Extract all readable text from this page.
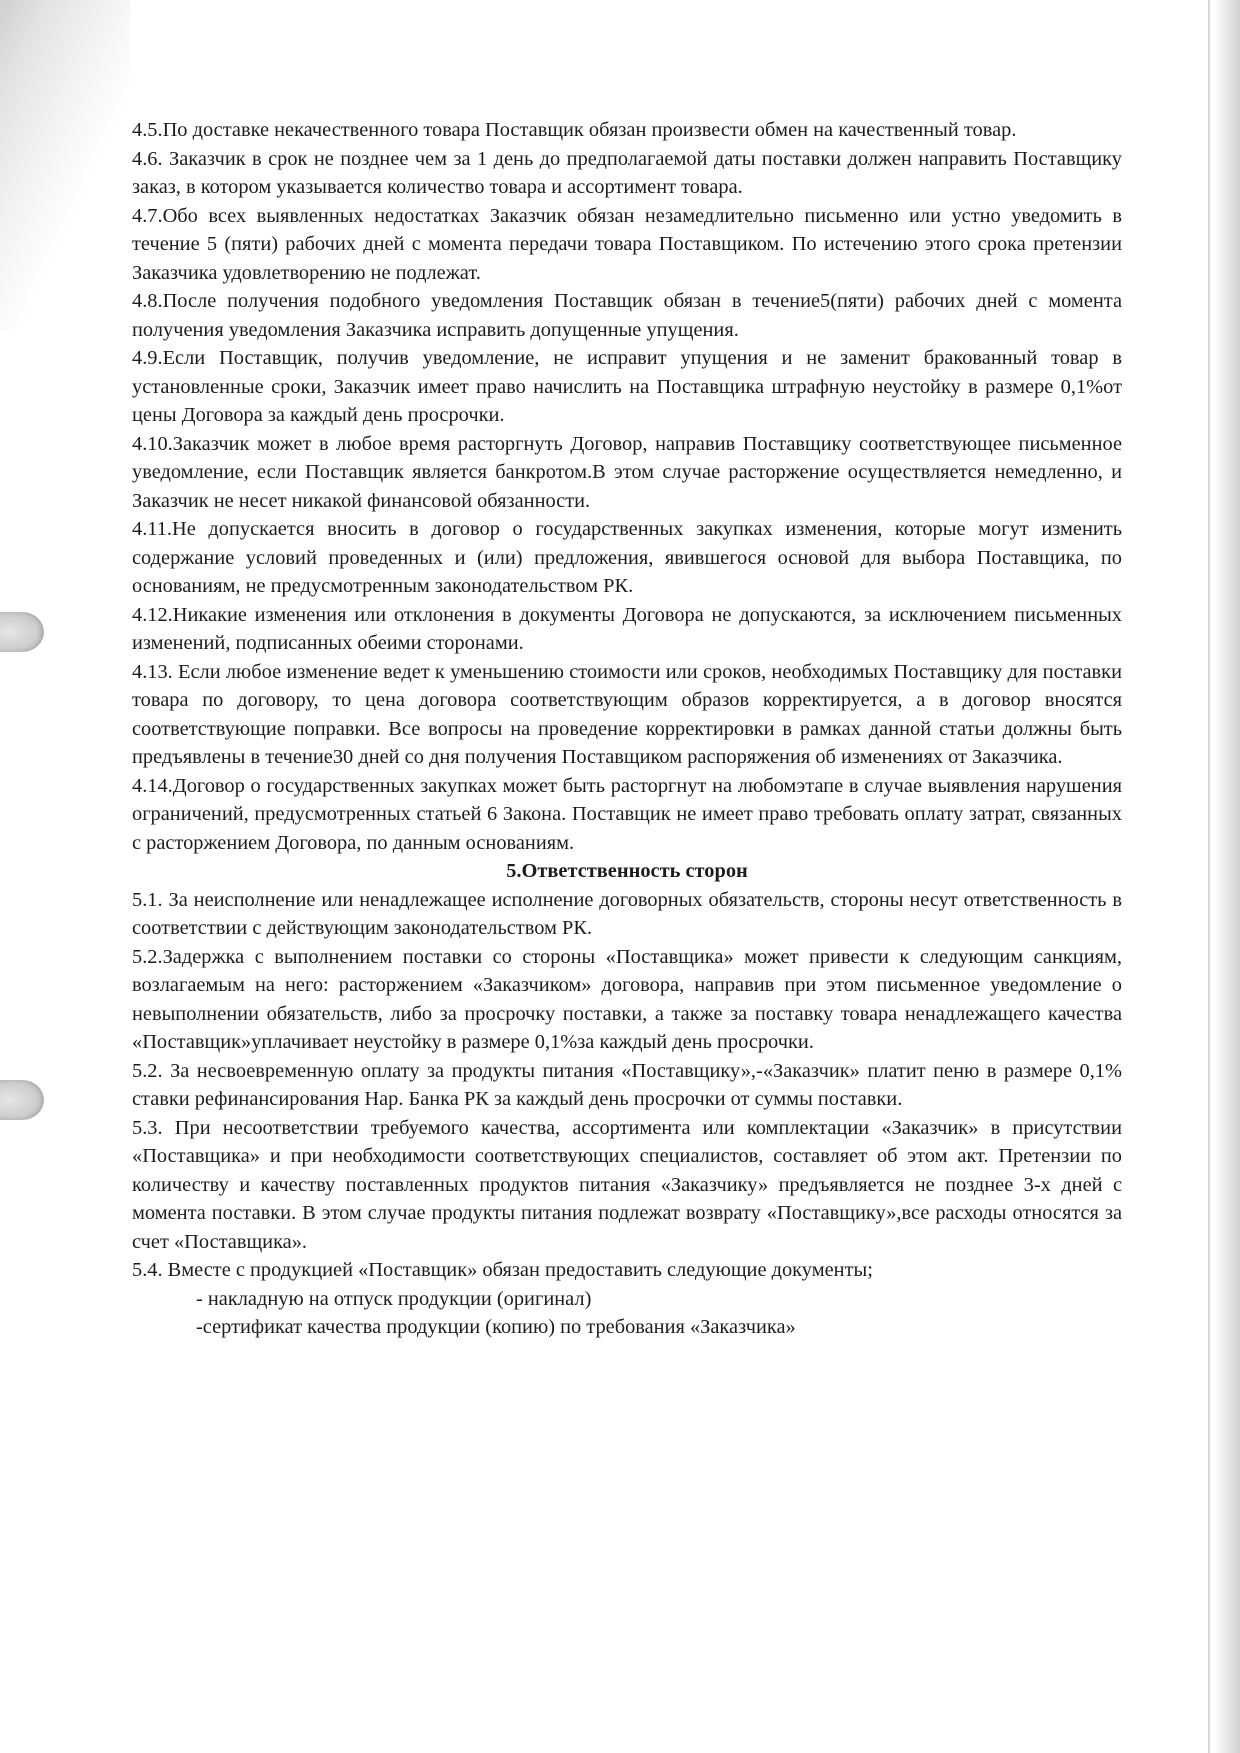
4.5.По доставке некачественного товара Поставщик обязан произвести обмен на качественный товар.

4.6. Заказчик в срок не позднее чем за 1 день до предполагаемой даты поставки должен направить Поставщику заказ, в котором указывается количество товара и ассортимент товара.

4.7.Обо всех выявленных недостатках Заказчик обязан незамедлительно письменно или устно уведомить в течение 5 (пяти) рабочих дней с момента передачи товара Поставщиком. По истечению этого срока претензии Заказчика удовлетворению не подлежат.

4.8.После получения подобного уведомления Поставщик обязан в течение5(пяти) рабочих дней с момента получения уведомления Заказчика исправить допущенные упущения.

4.9.Если Поставщик, получив уведомление, не исправит упущения и не заменит бракованный товар в установленные сроки, Заказчик имеет право начислить на Поставщика штрафную неустойку в размере 0,1%от цены Договора за каждый день просрочки.

4.10.Заказчик может в любое время расторгнуть Договор, направив Поставщику соответствующее письменное уведомление, если Поставщик является банкротом.В этом случае расторжение осуществляется немедленно, и Заказчик не несет никакой финансовой обязанности.

4.11.Не допускается вносить в договор о государственных закупках изменения, которые могут изменить содержание условий проведенных и (или) предложения, явившегося основой для выбора Поставщика, по основаниям, не предусмотренным законодательством РК.

4.12.Никакие изменения или отклонения в документы Договора не допускаются, за исключением письменных изменений, подписанных обеими сторонами.

4.13. Если любое изменение ведет к уменьшению стоимости или сроков, необходимых Поставщику для поставки товара по договору, то цена договора соответствующим образов корректируется, а в договор вносятся соответствующие поправки. Все вопросы на проведение корректировки в рамках данной статьи должны быть предъявлены в течение30 дней со дня получения Поставщиком распоряжения об изменениях от Заказчика.

4.14.Договор о государственных закупках может быть расторгнут на любомэтапе в случае выявления нарушения ограничений, предусмотренных статьей 6 Закона. Поставщик не имеет право требовать оплату затрат, связанных с расторжением Договора, по данным основаниям.

5.Ответственность сторон

5.1. За неисполнение или ненадлежащее исполнение договорных обязательств, стороны несут ответственность в соответствии с действующим законодательством РК.

5.2.Задержка с выполнением поставки со стороны «Поставщика» может привести к следующим санкциям, возлагаемым на него: расторжением «Заказчиком» договора, направив при этом письменное уведомление о невыполнении обязательств, либо за просрочку поставки, а также за поставку товара ненадлежащего качества «Поставщик»уплачивает неустойку в размере 0,1%за каждый день просрочки.

5.2. За несвоевременную оплату за продукты питания «Поставщику»,-«Заказчик» платит пеню в размере 0,1% ставки рефинансирования Нар. Банка РК за каждый день просрочки от суммы поставки.

5.3. При несоответствии требуемого качества, ассортимента или комплектации «Заказчик» в присутствии «Поставщика» и при необходимости соответствующих специалистов, составляет об этом акт. Претензии по количеству и качеству поставленных продуктов питания «Заказчику» предъявляется не позднее 3-х дней с момента поставки. В этом случае продукты питания подлежат возврату «Поставщику»,все расходы относятся за счет «Поставщика».

5.4. Вместе с продукцией «Поставщик» обязан предоставить следующие документы;

- накладную на отпуск продукции (оригинал)

-сертификат качества продукции (копию) по требования «Заказчика»
